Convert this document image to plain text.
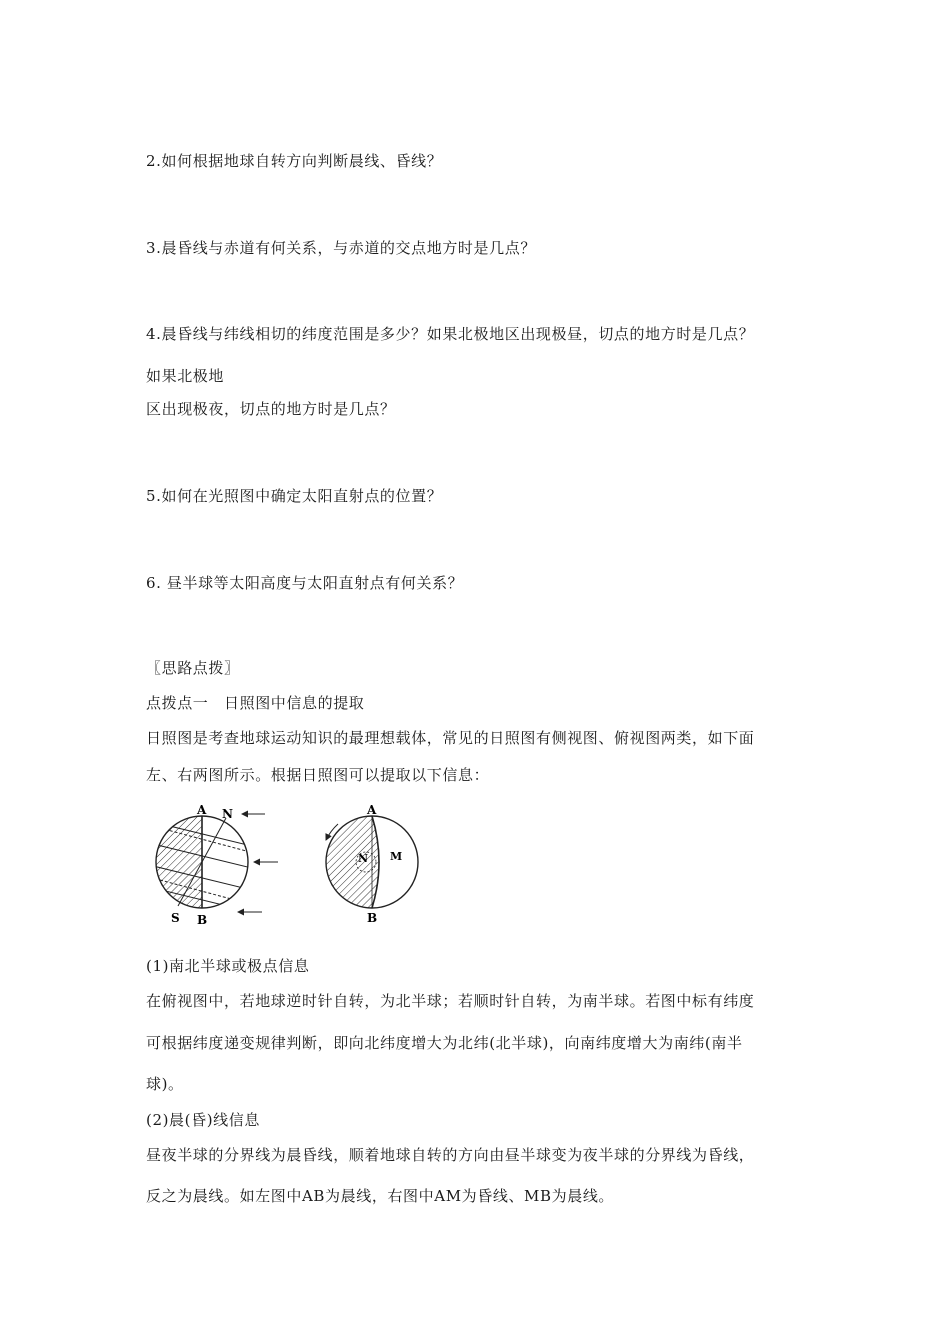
2.如何根据地球自转方向判断晨线、昏线？

3.晨昏线与赤道有何关系，与赤道的交点地方时是几点？

4.晨昏线与纬线相切的纬度范围是多少？如果北极地区出现极昼，切点的地方时是几点？

如果北极地

区出现极夜，切点的地方时是几点？

5.如何在光照图中确定太阳直射点的位置？

6. 昼半球等太阳高度与太阳直射点有何关系？

〖思路点拨〗

点拨点一　日照图中信息的提取

日照图是考查地球运动知识的最理想载体，常见的日照图有侧视图、俯视图两类，如下面

左、右两图所示。根据日照图可以提取以下信息：

A N
S B
N M
A
B

(1)南北半球或极点信息

在俯视图中，若地球逆时针自转，为北半球；若顺时针自转，为南半球。若图中标有纬度

可根据纬度递变规律判断，即向北纬度增大为北纬(北半球)，向南纬度增大为南纬(南半

球)。

(2)晨(昏)线信息

昼夜半球的分界线为晨昏线，顺着地球自转的方向由昼半球变为夜半球的分界线为昏线，

反之为晨线。如左图中AB为晨线，右图中AM为昏线、MB为晨线。
